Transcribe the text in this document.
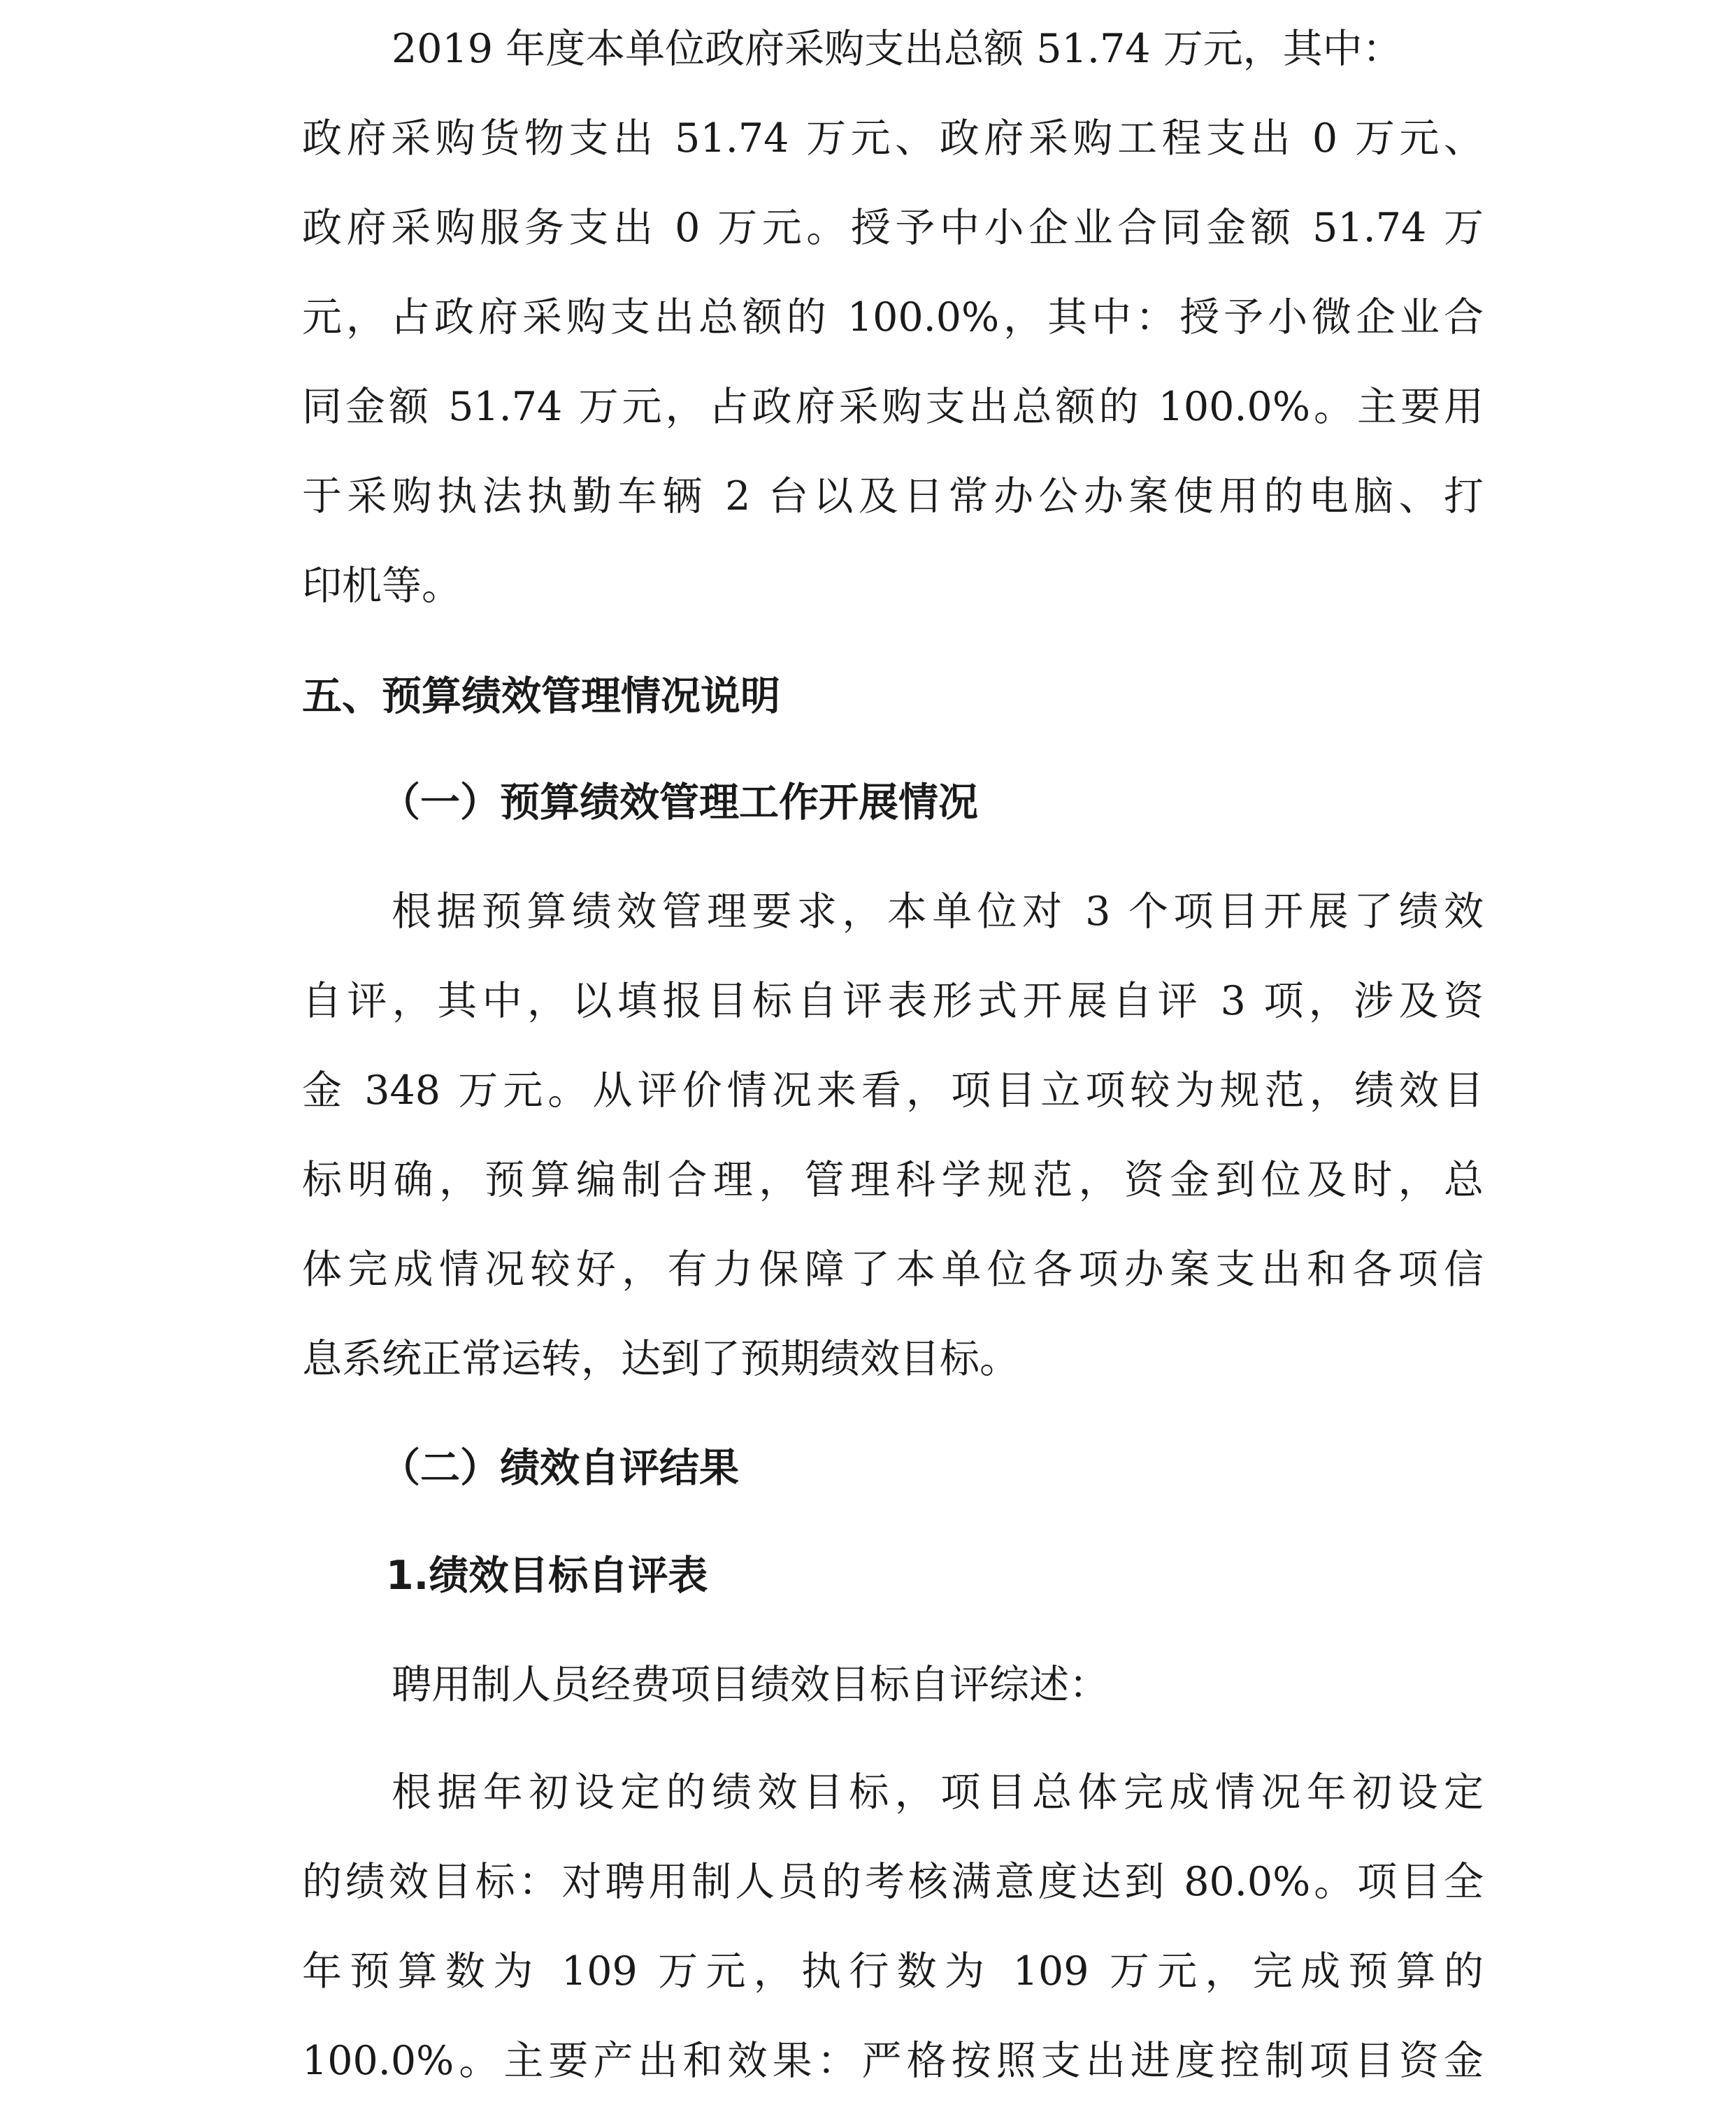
2019 年度本单位政府采购支出总额 51.74 万元，其中：
政府采购货物支出 51.74 万元、政府采购工程支出 0 万元、
政府采购服务支出 0 万元。授予中小企业合同金额 51.74 万
元，占政府采购支出总额的 100.0%，其中：授予小微企业合
同金额 51.74 万元，占政府采购支出总额的 100.0%。主要用
于采购执法执勤车辆 2 台以及日常办公办案使用的电脑、打
印机等。
五、预算绩效管理情况说明
（一）预算绩效管理工作开展情况
根据预算绩效管理要求，本单位对 3 个项目开展了绩效
自评，其中，以填报目标自评表形式开展自评 3 项，涉及资
金 348 万元。从评价情况来看，项目立项较为规范，绩效目
标明确，预算编制合理，管理科学规范，资金到位及时，总
体完成情况较好，有力保障了本单位各项办案支出和各项信
息系统正常运转，达到了预期绩效目标。
（二）绩效自评结果
1.绩效目标自评表
聘用制人员经费项目绩效目标自评综述：
根据年初设定的绩效目标，项目总体完成情况年初设定
的绩效目标：对聘用制人员的考核满意度达到 80.0%。项目全
年预算数为 109 万元，执行数为 109 万元，完成预算的
100.0%。主要产出和效果：严格按照支出进度控制项目资金
